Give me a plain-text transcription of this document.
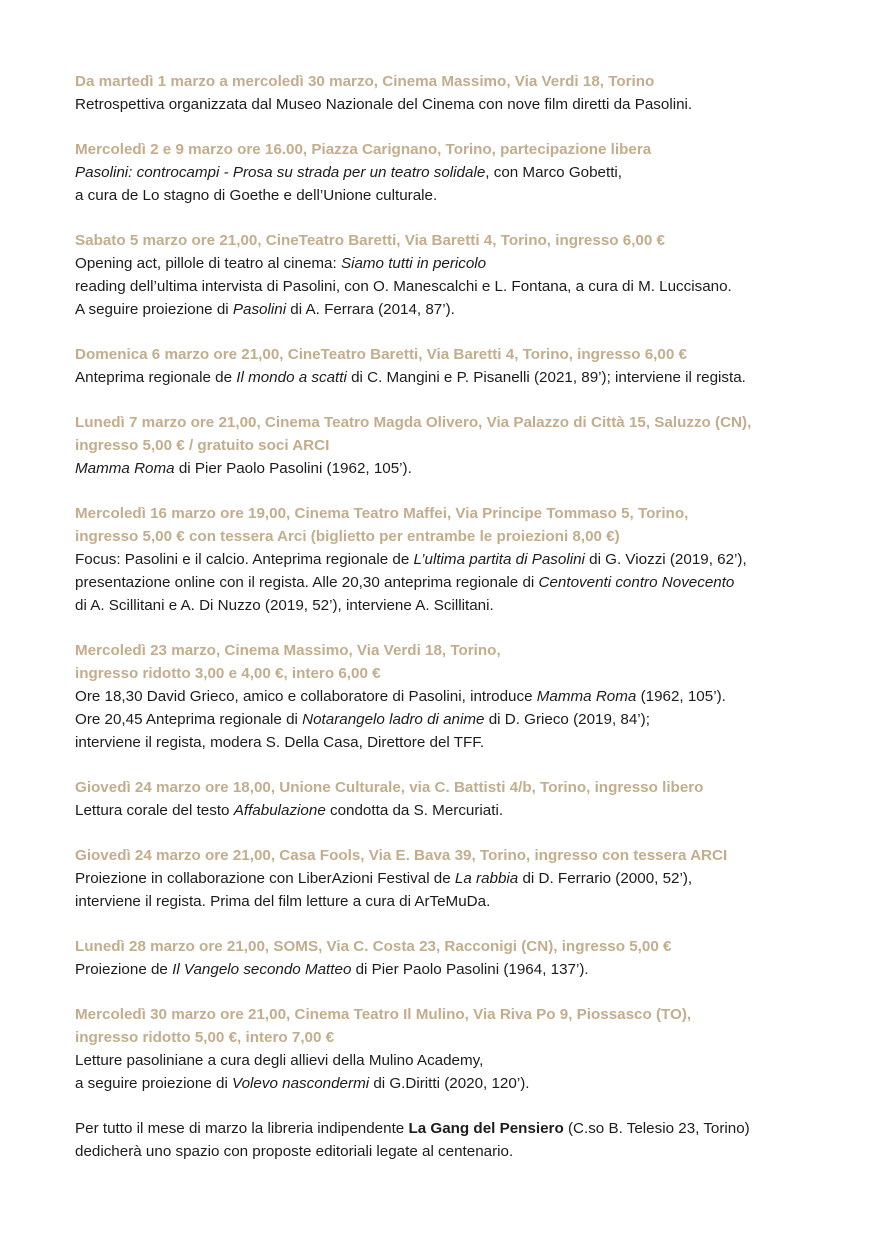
Da martedì 1 marzo a mercoledì 30 marzo, Cinema Massimo, Via Verdi 18, Torino
Retrospettiva organizzata dal Museo Nazionale del Cinema con nove film diretti da Pasolini.
Mercoledì 2 e 9 marzo ore 16.00, Piazza Carignano, Torino, partecipazione libera
Pasolini: controcampi - Prosa su strada per un teatro solidale, con Marco Gobetti,
a cura de Lo stagno di Goethe e dell’Unione culturale.
Sabato 5 marzo ore 21,00, CineTeatro Baretti, Via Baretti 4, Torino, ingresso 6,00 €
Opening act, pillole di teatro al cinema: Siamo tutti in pericolo
reading dell’ultima intervista di Pasolini, con O. Manescalchi e L. Fontana, a cura di M. Luccisano.
A seguire proiezione di Pasolini di A. Ferrara (2014, 87’).
Domenica 6 marzo ore 21,00, CineTeatro Baretti, Via Baretti 4, Torino, ingresso 6,00 €
Anteprima regionale de Il mondo a scatti di C. Mangini e P. Pisanelli (2021, 89’); interviene il regista.
Lunedì 7 marzo ore 21,00, Cinema Teatro Magda Olivero, Via Palazzo di Città 15, Saluzzo (CN),
ingresso 5,00 € / gratuito soci ARCI
Mamma Roma di Pier Paolo Pasolini (1962, 105’).
Mercoledì 16 marzo ore 19,00, Cinema Teatro Maffei, Via Principe Tommaso 5, Torino,
ingresso 5,00 € con tessera Arci (biglietto per entrambe le proiezioni 8,00 €)
Focus: Pasolini e il calcio. Anteprima regionale de L’ultima partita di Pasolini di G. Viozzi (2019, 62’),
presentazione online con il regista. Alle 20,30 anteprima regionale di Centoventi contro Novecento
di A. Scillitani e A. Di Nuzzo (2019, 52’), interviene A. Scillitani.
Mercoledì 23 marzo, Cinema Massimo, Via Verdi 18, Torino,
ingresso ridotto 3,00 e 4,00 €, intero 6,00 €
Ore 18,30 David Grieco, amico e collaboratore di Pasolini, introduce Mamma Roma (1962, 105’).
Ore 20,45 Anteprima regionale di Notarangelo ladro di anime di D. Grieco (2019, 84’);
interviene il regista, modera S. Della Casa, Direttore del TFF.
Giovedì 24 marzo ore 18,00, Unione Culturale, via C. Battisti 4/b, Torino, ingresso libero
Lettura corale del testo Affabulazione condotta da S. Mercuriati.
Giovedì 24 marzo ore 21,00, Casa Fools, Via E. Bava 39, Torino, ingresso con tessera ARCI
Proiezione in collaborazione con LiberAzioni Festival de La rabbia di D. Ferrario (2000, 52’),
interviene il regista. Prima del film letture a cura di ArTeMuDa.
Lunedì 28 marzo ore 21,00, SOMS, Via C. Costa 23, Racconigi (CN), ingresso 5,00 €
Proiezione de Il Vangelo secondo Matteo di Pier Paolo Pasolini (1964, 137’).
Mercoledì 30 marzo ore 21,00, Cinema Teatro Il Mulino, Via Riva Po 9, Piossasco (TO),
ingresso ridotto 5,00 €, intero 7,00 €
Letture pasoliniane a cura degli allievi della Mulino Academy,
a seguire proiezione di Volevo nascondermi di G.Diritti (2020, 120’).
Per tutto il mese di marzo la libreria indipendente La Gang del Pensiero (C.so B. Telesio 23, Torino)
dedicherà uno spazio con proposte editoriali legate al centenario.
